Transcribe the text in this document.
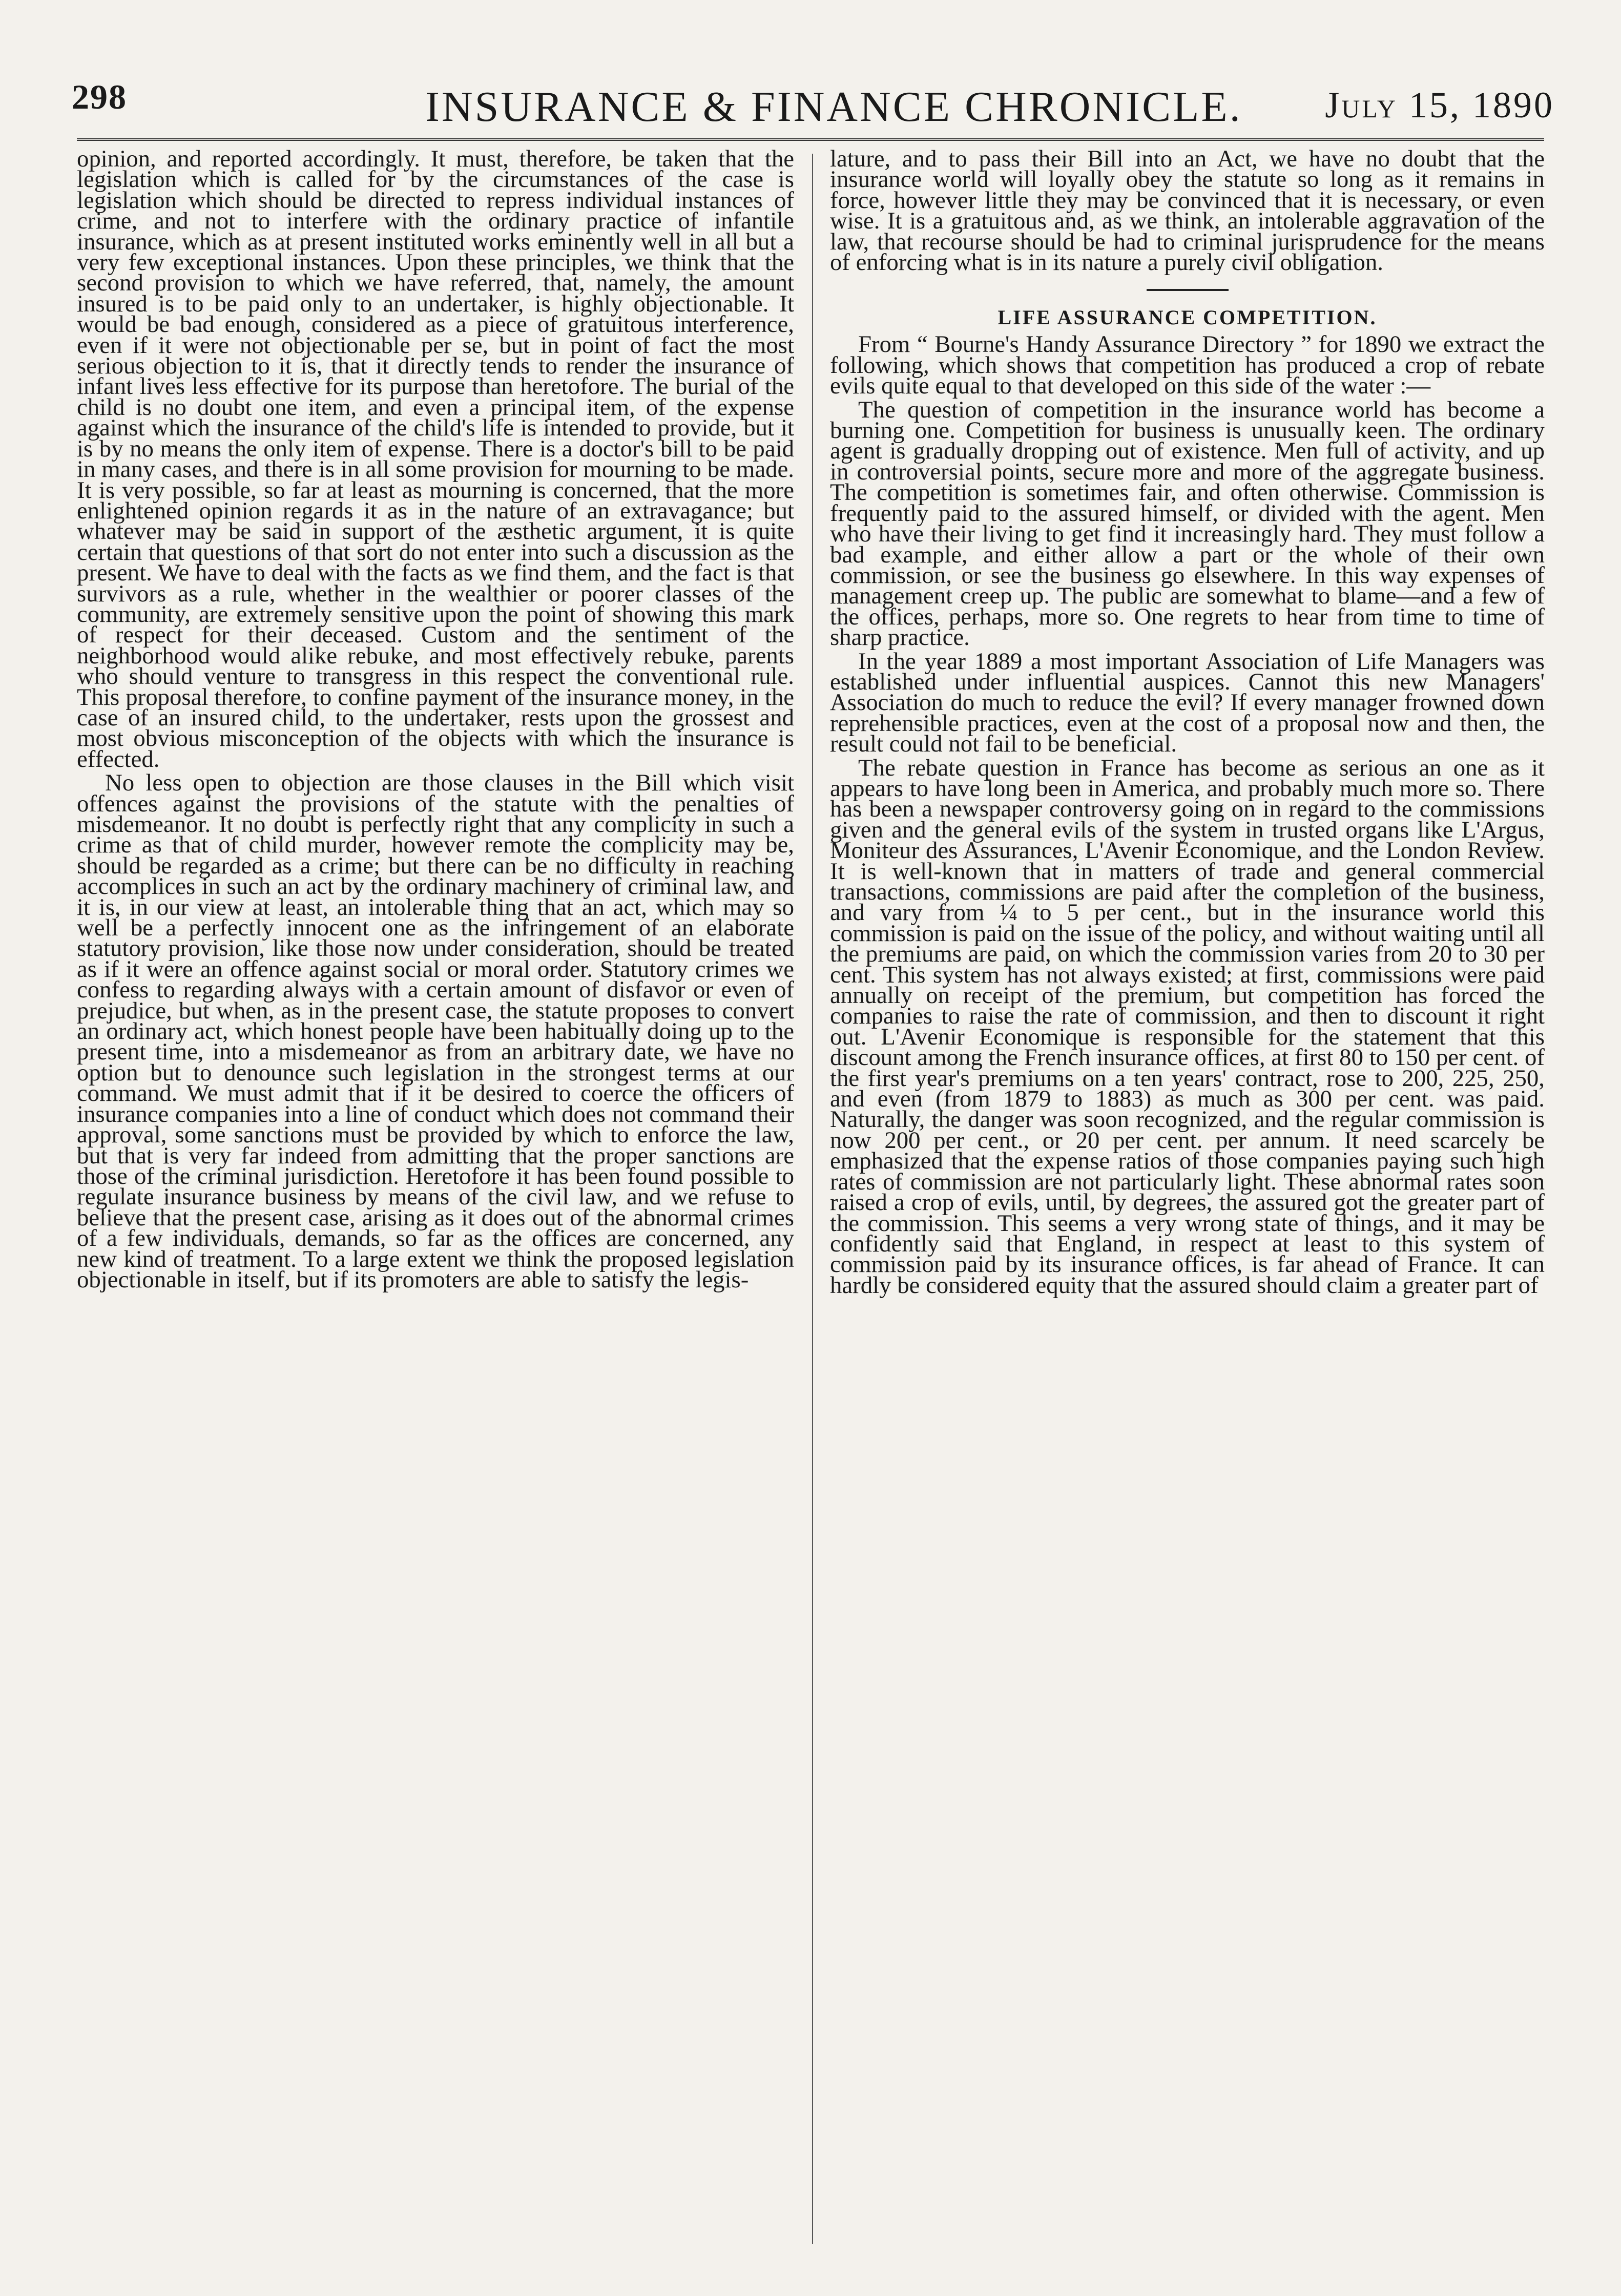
298	INSURANCE & FINANCE CHRONICLE. July 15, 1890

opinion, and reported accordingly. It must, therefore, be taken that the legislation which is called for by the circumstances of the case is legislation which should be directed to repress individual instances of crime, and not to interfere with the ordinary practice of infantile insurance, which as at present instituted works eminently well in all but a very few exceptional instances. Upon these principles, we think that the second provision to which we have referred, that, namely, the amount insured is to be paid only to an undertaker, is highly objectionable. It would be bad enough, considered as a piece of gratuitous interference, even if it were not objectionable per se, but in point of fact the most serious objection to it is, that it directly tends to render the insurance of infant lives less effective for its purpose than heretofore. The burial of the child is no doubt one item, and even a principal item, of the expense against which the insurance of the child's life is intended to provide, but it is by no means the only item of expense. There is a doctor's bill to be paid in many cases, and there is in all some provision for mourning to be made. It is very possible, so far at least as mourning is concerned, that the more enlightened opinion regards it as in the nature of an extravagance; but whatever may be said in support of the æsthetic argument, it is quite certain that questions of that sort do not enter into such a discussion as the present. We have to deal with the facts as we find them, and the fact is that survivors as a rule, whether in the wealthier or poorer classes of the community, are extremely sensitive upon the point of showing this mark of respect for their deceased. Custom and the sentiment of the neighborhood would alike rebuke, and most effectively rebuke, parents who should venture to transgress in this respect the conventional rule. This proposal therefore, to confine payment of the insurance money, in the case of an insured child, to the undertaker, rests upon the grossest and most obvious misconception of the objects with which the insurance is effected.

No less open to objection are those clauses in the Bill which visit offences against the provisions of the statute with the penalties of misdemeanor. It no doubt is perfectly right that any complicity in such a crime as that of child murder, however remote the complicity may be, should be regarded as a crime; but there can be no difficulty in reaching accomplices in such an act by the ordinary machinery of criminal law, and it is, in our view at least, an intolerable thing that an act, which may so well be a perfectly innocent one as the infringement of an elaborate statutory provision, like those now under consideration, should be treated as if it were an offence against social or moral order. Statutory crimes we confess to regarding always with a certain amount of disfavor or even of prejudice, but when, as in the present case, the statute proposes to convert an ordinary act, which honest people have been habitually doing up to the present time, into a misdemeanor as from an arbitrary date, we have no option but to denounce such legislation in the strongest terms at our command. We must admit that if it be desired to coerce the officers of insurance companies into a line of conduct which does not command their approval, some sanctions must be provided by which to enforce the law, but that is very far indeed from admitting that the proper sanctions are those of the criminal jurisdiction. Heretofore it has been found possible to regulate insurance business by means of the civil law, and we refuse to believe that the present case, arising as it does out of the abnormal crimes of a few individuals, demands, so far as the offices are concerned, any new kind of treatment. To a large extent we think the proposed legislation objectionable in itself, but if its promoters are able to satisfy the legis-

lature, and to pass their Bill into an Act, we have no doubt that the insurance world will loyally obey the statute so long as it remains in force, however little they may be convinced that it is necessary, or even wise. It is a gratuitous and, as we think, an intolerable aggravation of the law, that recourse should be had to criminal jurisprudence for the means of enforcing what is in its nature a purely civil obligation.

LIFE ASSURANCE COMPETITION.

From “ Bourne's Handy Assurance Directory ” for 1890 we extract the following, which shows that competition has produced a crop of rebate evils quite equal to that developed on this side of the water :—

The question of competition in the insurance world has become a burning one. Competition for business is unusually keen. The ordinary agent is gradually dropping out of existence. Men full of activity, and up in controversial points, secure more and more of the aggregate business. The competition is sometimes fair, and often otherwise. Commission is frequently paid to the assured himself, or divided with the agent. Men who have their living to get find it increasingly hard. They must follow a bad example, and either allow a part or the whole of their own commission, or see the business go elsewhere. In this way expenses of management creep up. The public are somewhat to blame—and a few of the offices, perhaps, more so. One regrets to hear from time to time of sharp practice.

In the year 1889 a most important Association of Life Managers was established under influential auspices. Cannot this new Managers' Association do much to reduce the evil? If every manager frowned down reprehensible practices, even at the cost of a proposal now and then, the result could not fail to be beneficial.

The rebate question in France has become as serious an one as it appears to have long been in America, and probably much more so. There has been a newspaper controversy going on in regard to the commissions given and the general evils of the system in trusted organs like L'Argus, Moniteur des Assurances, L'Avenir Economique, and the London Review. It is well-known that in matters of trade and general commercial transactions, commissions are paid after the completion of the business, and vary from ¼ to 5 per cent., but in the insurance world this commission is paid on the issue of the policy, and without waiting until all the premiums are paid, on which the commission varies from 20 to 30 per cent. This system has not always existed; at first, commissions were paid annually on receipt of the premium, but competition has forced the companies to raise the rate of commission, and then to discount it right out. L'Avenir Economique is responsible for the statement that this discount among the French insurance offices, at first 80 to 150 per cent. of the first year's premiums on a ten years' contract, rose to 200, 225, 250, and even (from 1879 to 1883) as much as 300 per cent. was paid. Naturally, the danger was soon recognized, and the regular commission is now 200 per cent., or 20 per cent. per annum. It need scarcely be emphasized that the expense ratios of those companies paying such high rates of commission are not particularly light. These abnormal rates soon raised a crop of evils, until, by degrees, the assured got the greater part of the commission. This seems a very wrong state of things, and it may be confidently said that England, in respect at least to this system of commission paid by its insurance offices, is far ahead of France. It can hardly be considered equity that the assured should claim a greater part of
